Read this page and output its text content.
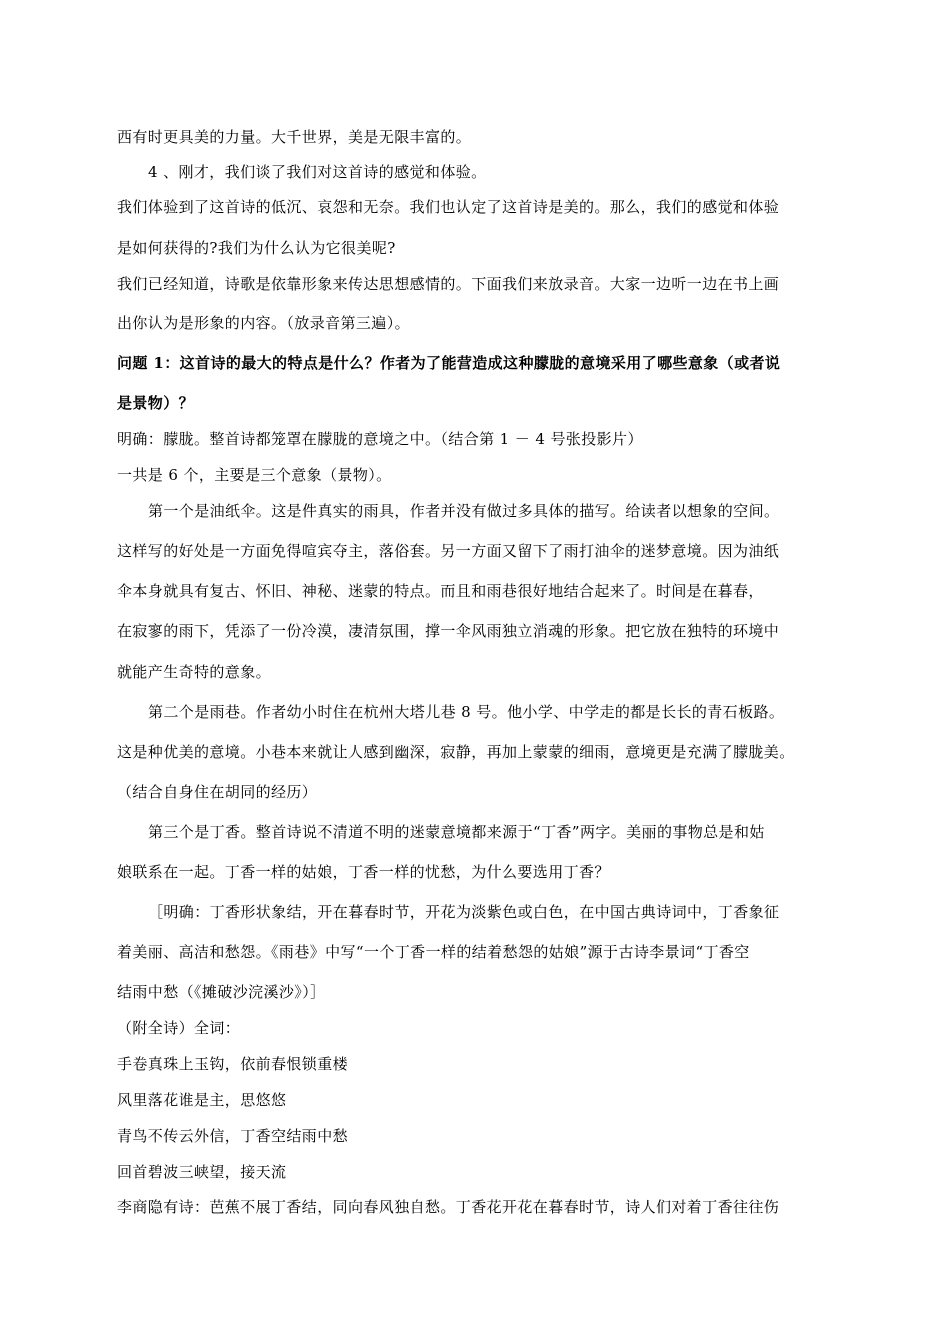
西有时更具美的力量。大千世界，美是无限丰富的。
4 、刚才，我们谈了我们对这首诗的感觉和体验。
我们体验到了这首诗的低沉、哀怨和无奈。我们也认定了这首诗是美的。那么，我们的感觉和体验
是如何获得的?我们为什么认为它很美呢?
我们已经知道，诗歌是依靠形象来传达思想感情的。下面我们来放录音。大家一边听一边在书上画
出你认为是形象的内容。（放录音第三遍）。
问题 1：这首诗的最大的特点是什么？作者为了能营造成这种朦胧的意境采用了哪些意象（或者说
是景物）？
明确：朦胧。整首诗都笼罩在朦胧的意境之中。（结合第 1 － 4 号张投影片）
一共是 6 个，主要是三个意象（景物）。
第一个是油纸伞。这是件真实的雨具，作者并没有做过多具体的描写。给读者以想象的空间。
这样写的好处是一方面免得喧宾夺主，落俗套。另一方面又留下了雨打油伞的迷梦意境。因为油纸
伞本身就具有复古、怀旧、神秘、迷蒙的特点。而且和雨巷很好地结合起来了。时间是在暮春，
在寂寥的雨下，凭添了一份冷漠，凄清氛围，撑一伞风雨独立消魂的形象。把它放在独特的环境中
就能产生奇特的意象。
第二个是雨巷。作者幼小时住在杭州大塔儿巷 8 号。他小学、中学走的都是长长的青石板路。
这是种优美的意境。小巷本来就让人感到幽深，寂静，再加上蒙蒙的细雨，意境更是充满了朦胧美。
（结合自身住在胡同的经历）
第三个是丁香。整首诗说不清道不明的迷蒙意境都来源于“丁香”两字。美丽的事物总是和姑
娘联系在一起。丁香一样的姑娘，丁香一样的忧愁，为什么要选用丁香？
［明确：丁香形状象结，开在暮春时节，开花为淡紫色或白色，在中国古典诗词中，丁香象征
着美丽、高洁和愁怨。《雨巷》中写“一个丁香一样的结着愁怨的姑娘”源于古诗李景词“丁香空
结雨中愁（《摊破沙浣溪沙》）］
（附全诗）全词：
手卷真珠上玉钩，依前春恨锁重楼
风里落花谁是主，思悠悠
青鸟不传云外信，丁香空结雨中愁
回首碧波三峡望，接天流
李商隐有诗：芭蕉不展丁香结，同向春风独自愁。丁香花开花在暮春时节，诗人们对着丁香往往伤
